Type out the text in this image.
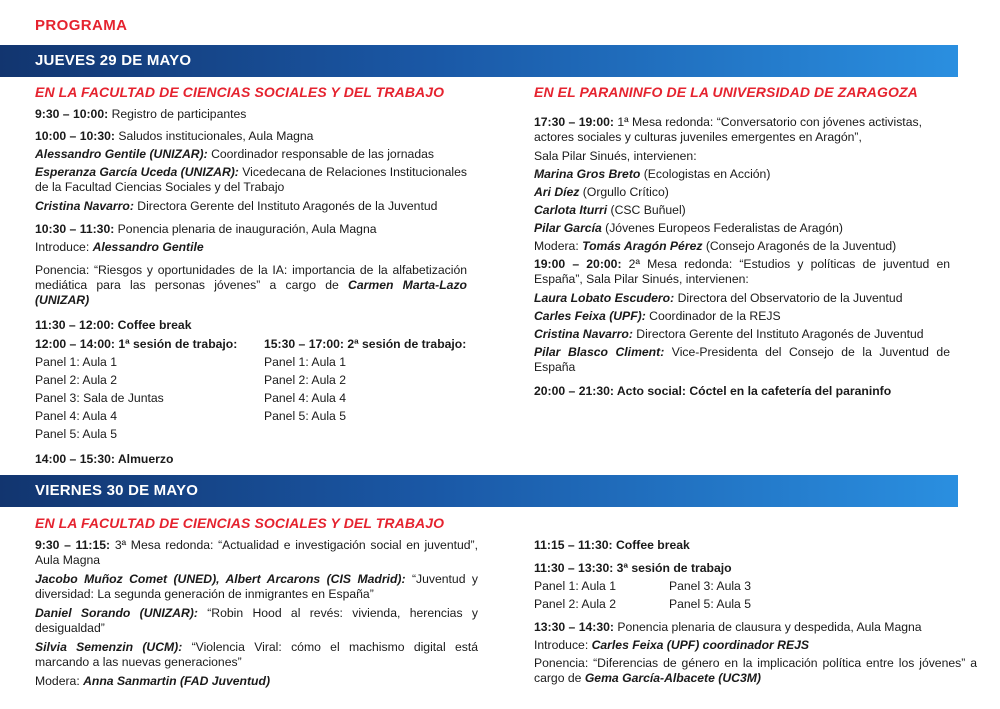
PROGRAMA
JUEVES 29 DE MAYO
EN LA FACULTAD DE CIENCIAS SOCIALES Y DEL TRABAJO
9:30 – 10:00: Registro de participantes
10:00 – 10:30: Saludos institucionales, Aula Magna
Alessandro Gentile (UNIZAR): Coordinador responsable de las jornadas
Esperanza García Uceda (UNIZAR): Vicedecana de Relaciones Institucionales de la Facultad Ciencias Sociales y del Trabajo
Cristina Navarro: Directora Gerente del Instituto Aragonés de la Juventud
10:30 – 11:30: Ponencia plenaria de inauguración, Aula Magna
Introduce: Alessandro Gentile
Ponencia: “Riesgos y oportunidades de la IA: importancia de la alfabetización mediática para las personas jóvenes” a cargo de Carmen Marta-Lazo (UNIZAR)
11:30 – 12:00: Coffee break
12:00 – 14:00: 1ª sesión de trabajo:
Panel 1: Aula 1
Panel 2: Aula 2
Panel 3: Sala de Juntas
Panel 4: Aula 4
Panel 5: Aula 5
15:30 – 17:00: 2ª sesión de trabajo:
Panel 1: Aula 1
Panel 2: Aula 2
Panel 4: Aula 4
Panel 5: Aula 5
14:00 – 15:30: Almuerzo
EN EL PARANINFO DE LA UNIVERSIDAD DE ZARAGOZA
17:30 – 19:00: 1ª Mesa redonda: “Conversatorio con jóvenes activistas, actores sociales y culturas juveniles emergentes en Aragón”,
Sala Pilar Sinués, intervienen:
Marina Gros Breto (Ecologistas en Acción)
Ari Díez (Orgullo Crítico)
Carlota Iturri (CSC Buñuel)
Pilar García (Jóvenes Europeos Federalistas de Aragón)
Modera: Tomás Aragón Pérez (Consejo Aragonés de la Juventud)
19:00 – 20:00: 2ª Mesa redonda: “Estudios y políticas de juventud en España”, Sala Pilar Sinués, intervienen:
Laura Lobato Escudero: Directora del Observatorio de la Juventud
Carles Feixa (UPF): Coordinador de la REJS
Cristina Navarro: Directora Gerente del Instituto Aragonés de Juventud
Pilar Blasco Climent: Vice-Presidenta del Consejo de la Juventud de España
20:00 – 21:30: Acto social: Cóctel en la cafetería del paraninfo
VIERNES 30 DE MAYO
EN LA FACULTAD DE CIENCIAS SOCIALES Y DEL TRABAJO
9:30 – 11:15: 3ª Mesa redonda: “Actualidad e investigación social en juventud”, Aula Magna
Jacobo Muñoz Comet (UNED), Albert Arcarons (CIS Madrid): “Juventud y diversidad: La segunda generación de inmigrantes en España”
Daniel Sorando (UNIZAR): “Robin Hood al revés: vivienda, herencias y desigualdad”
Silvia Semenzin (UCM): “Violencia Viral: cómo el machismo digital está marcando a las nuevas generaciones”
Modera: Anna Sanmartin (FAD Juventud)
11:15 – 11:30: Coffee break
11:30 – 13:30: 3ª sesión de trabajo
Panel 1: Aula 1	Panel 3: Aula 3
Panel 2: Aula 2	Panel 5: Aula 5
13:30 – 14:30: Ponencia plenaria de clausura y despedida, Aula Magna
Introduce: Carles Feixa (UPF) coordinador REJS
Ponencia: “Diferencias de género en la implicación política entre los jóvenes” a cargo de Gema García-Albacete (UC3M)
